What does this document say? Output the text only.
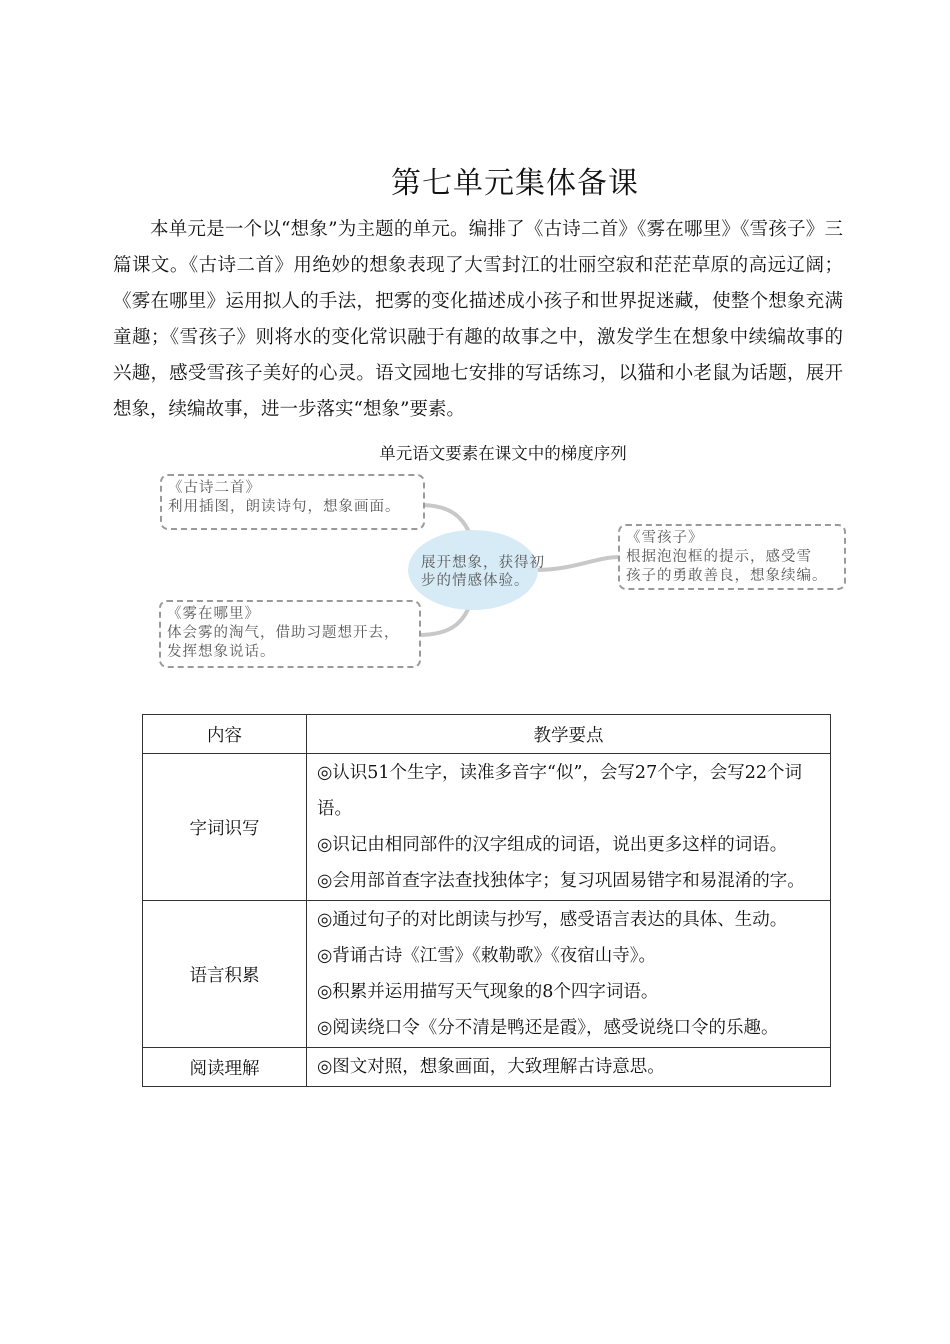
第七单元集体备课

本单元是一个以“想象”为主题的单元。编排了《古诗二首》《雾在哪里》《雪孩子》三篇课文。《古诗二首》用绝妙的想象表现了大雪封江的壮丽空寂和茫茫草原的高远辽阔；《雾在哪里》运用拟人的手法，把雾的变化描述成小孩子和世界捉迷藏，使整个想象充满童趣；《雪孩子》则将水的变化常识融于有趣的故事之中，激发学生在想象中续编故事的兴趣，感受雪孩子美好的心灵。语文园地七安排的写话练习，以猫和小老鼠为话题，展开想象，续编故事，进一步落实“想象”要素。

单元语文要素在课文中的梯度序列
展开想象，获得初
步的情感体验。
《古诗二首》
利用插图，朗读诗句，想象画面。
《雪孩子》
根据泡泡框的提示，感受雪
孩子的勇敢善良，想象续编。
《雾在哪里》
体会雾的淘气，借助习题想开去，
发挥想象说话。
内容	教学要点
字词识写	◎认识51个生字，读准多音字“似”，会写27个字，会写22个词语。
◎识记由相同部件的汉字组成的词语，说出更多这样的词语。
◎会用部首查字法查找独体字；复习巩固易错字和易混淆的字。

语言积累	◎通过句子的对比朗读与抄写，感受语言表达的具体、生动。
◎背诵古诗《江雪》《敕勒歌》《夜宿山寺》。
◎积累并运用描写天气现象的8个四字词语。
◎阅读绕口令《分不清是鸭还是霞》，感受说绕口令的乐趣。

阅读理解	◎图文对照，想象画面，大致理解古诗意思。
